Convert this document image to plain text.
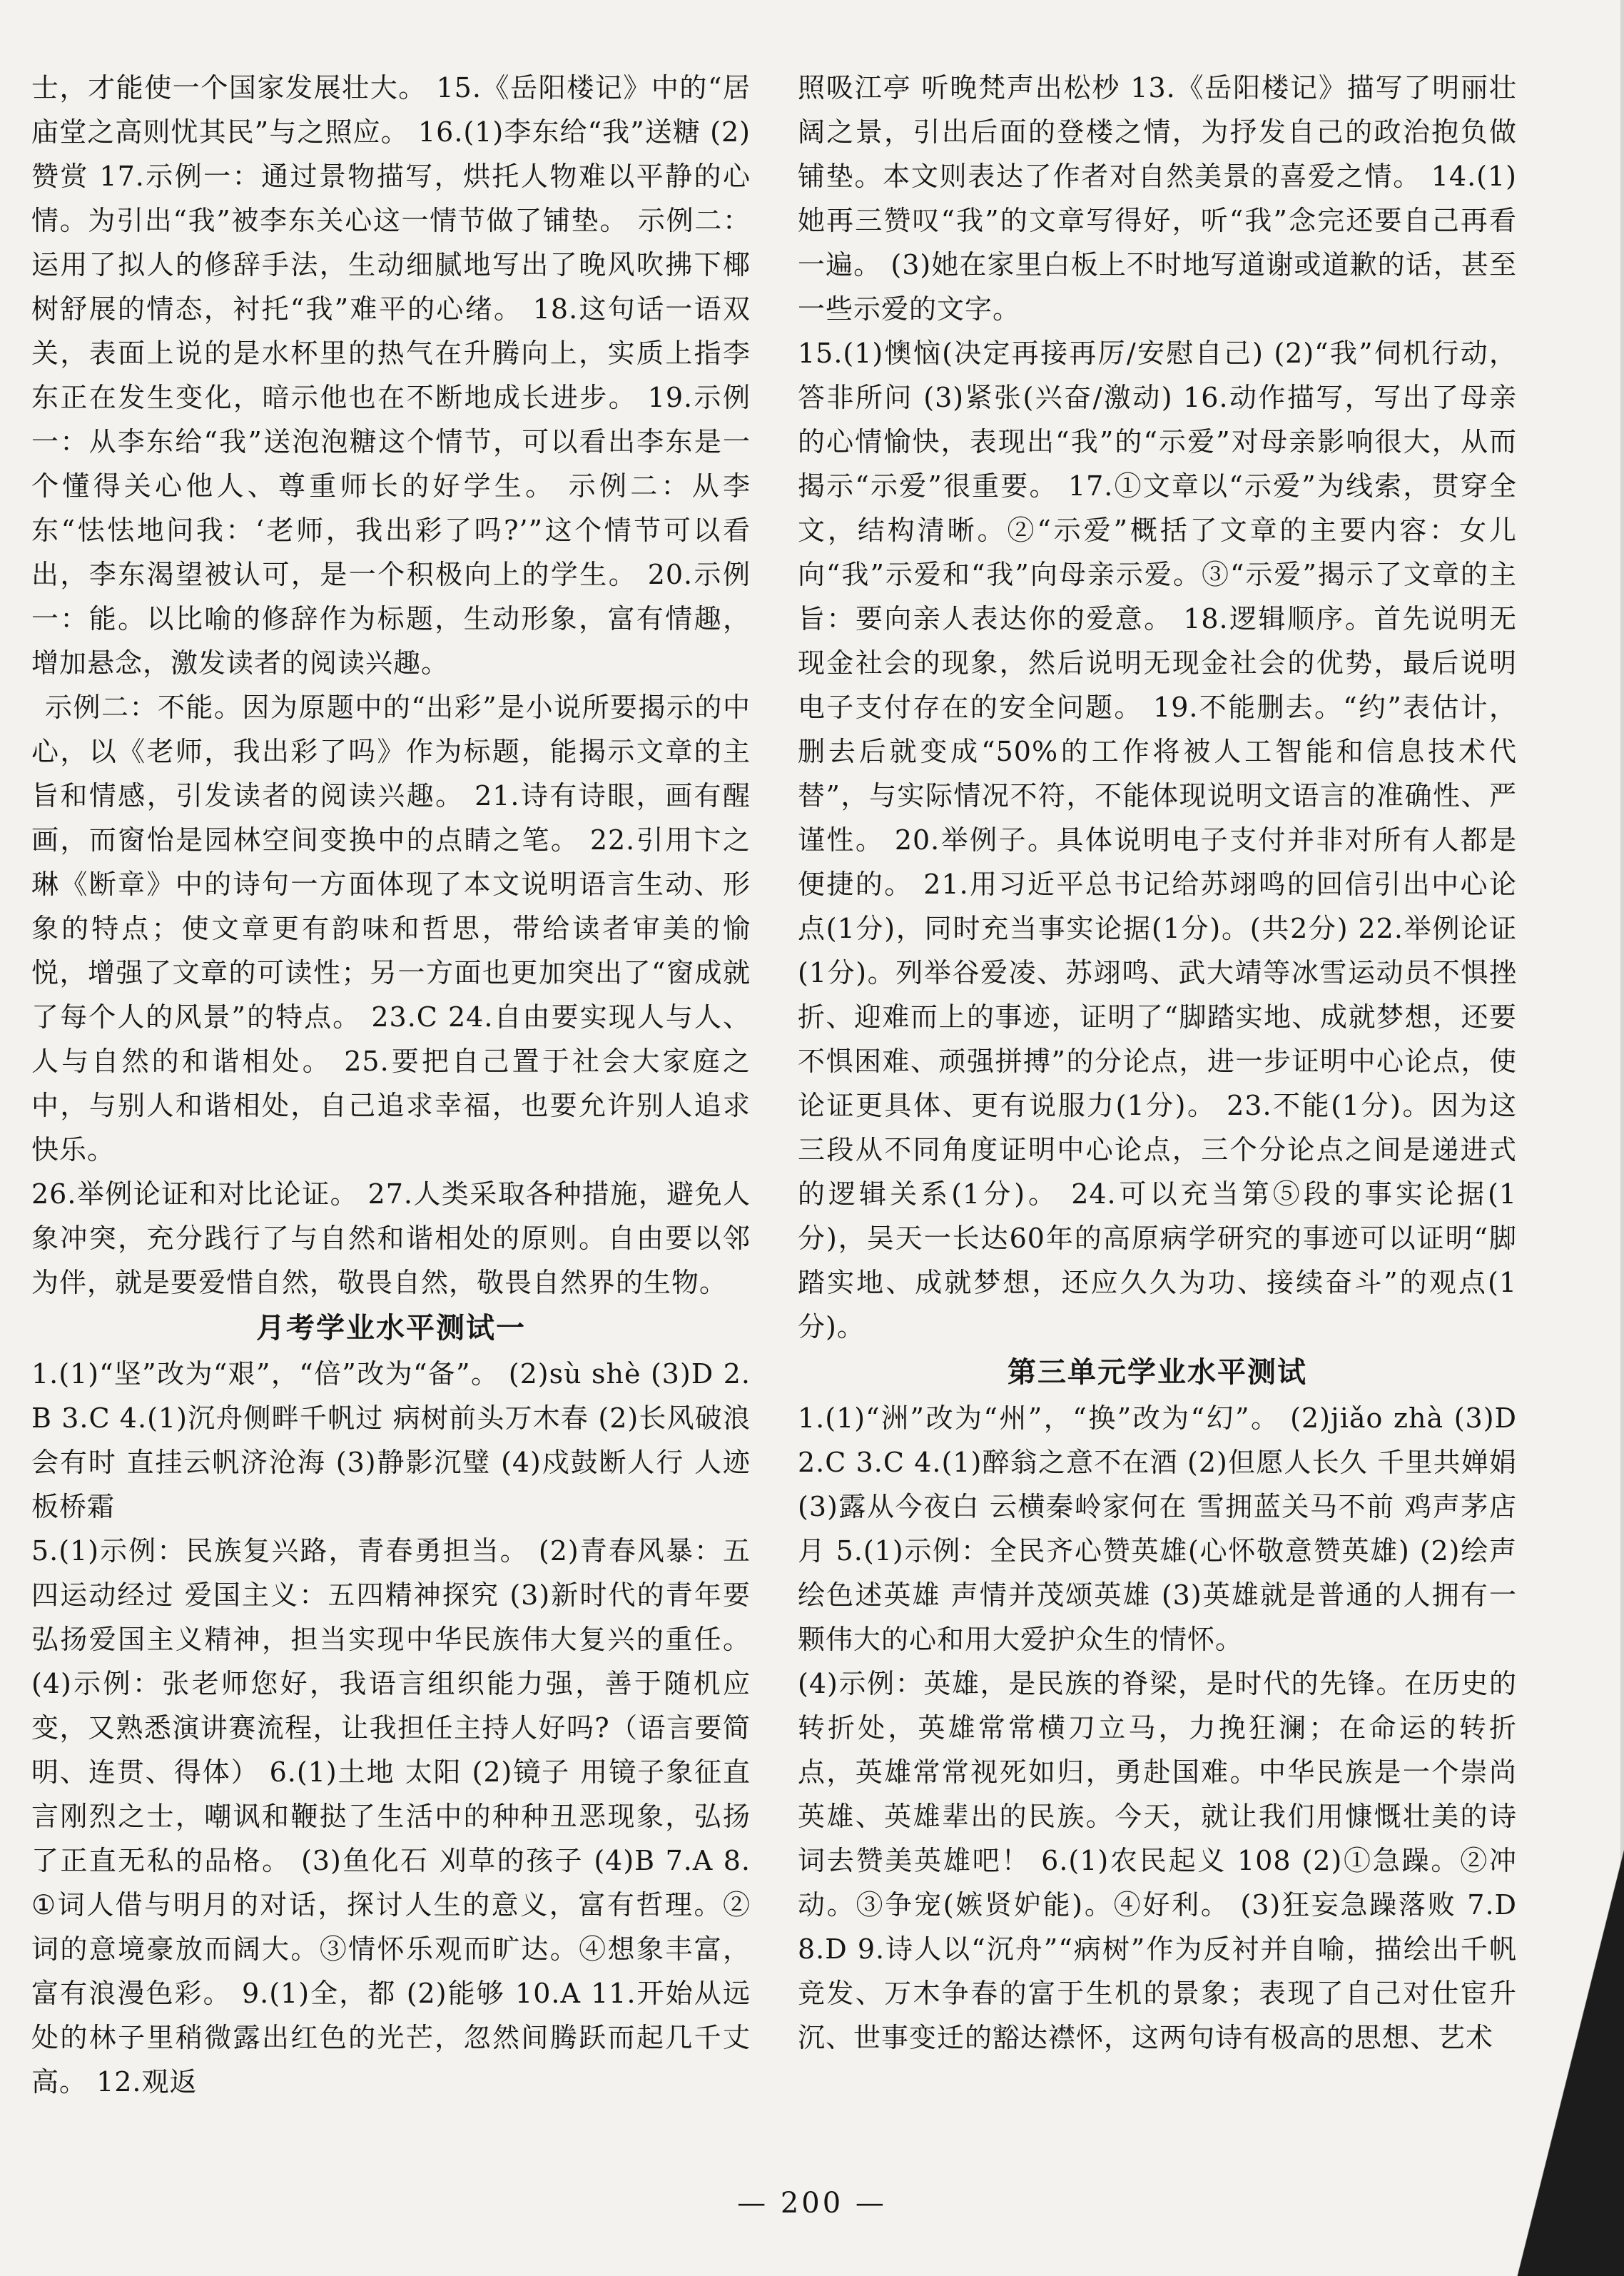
士，才能使一个国家发展壮大。 15.《岳阳楼记》中的“居庙堂之高则忧其民”与之照应。 16.(1)李东给“我”送糖 (2)赞赏 17.示例一：通过景物描写，烘托人物难以平静的心情。为引出“我”被李东关心这一情节做了铺垫。 示例二：运用了拟人的修辞手法，生动细腻地写出了晚风吹拂下椰树舒展的情态，衬托“我”难平的心绪。 18.这句话一语双关，表面上说的是水杯里的热气在升腾向上，实质上指李东正在发生变化，暗示他也在不断地成长进步。 19.示例一：从李东给“我”送泡泡糖这个情节，可以看出李东是一个懂得关心他人、尊重师长的好学生。 示例二：从李东“怯怯地问我：‘老师，我出彩了吗?’”这个情节可以看出，李东渴望被认可，是一个积极向上的学生。 20.示例一：能。以比喻的修辞作为标题，生动形象，富有情趣，增加悬念，激发读者的阅读兴趣。

示例二：不能。因为原题中的“出彩”是小说所要揭示的中心，以《老师，我出彩了吗》作为标题，能揭示文章的主旨和情感，引发读者的阅读兴趣。 21.诗有诗眼，画有醒画，而窗怡是园林空间变换中的点睛之笔。 22.引用卞之琳《断章》中的诗句一方面体现了本文说明语言生动、形象的特点；使文章更有韵味和哲思，带给读者审美的愉悦，增强了文章的可读性；另一方面也更加突出了“窗成就了每个人的风景”的特点。 23.C 24.自由要实现人与人、人与自然的和谐相处。 25.要把自己置于社会大家庭之中，与别人和谐相处，自己追求幸福，也要允许别人追求快乐。

26.举例论证和对比论证。 27.人类采取各种措施，避免人象冲突，充分践行了与自然和谐相处的原则。自由要以邻为伴，就是要爱惜自然，敬畏自然，敬畏自然界的生物。

月考学业水平测试一

1.(1)“坚”改为“艰”，“倍”改为“备”。 (2)sù shè (3)D 2.B 3.C 4.(1)沉舟侧畔千帆过 病树前头万木春 (2)长风破浪会有时 直挂云帆济沧海 (3)静影沉璧 (4)戍鼓断人行 人迹板桥霜

5.(1)示例：民族复兴路，青春勇担当。 (2)青春风暴：五四运动经过 爱国主义：五四精神探究 (3)新时代的青年要弘扬爱国主义精神，担当实现中华民族伟大复兴的重任。 (4)示例：张老师您好，我语言组织能力强，善于随机应变，又熟悉演讲赛流程，让我担任主持人好吗?（语言要简明、连贯、得体） 6.(1)土地 太阳 (2)镜子 用镜子象征直言刚烈之士，嘲讽和鞭挞了生活中的种种丑恶现象，弘扬了正直无私的品格。 (3)鱼化石 刈草的孩子 (4)B 7.A 8.①词人借与明月的对话，探讨人生的意义，富有哲理。②词的意境豪放而阔大。③情怀乐观而旷达。④想象丰富，富有浪漫色彩。 9.(1)全，都 (2)能够 10.A 11.开始从远处的林子里稍微露出红色的光芒，忽然间腾跃而起几千丈高。 12.观返

照吸江亭 听晚梵声出松杪 13.《岳阳楼记》描写了明丽壮阔之景，引出后面的登楼之情，为抒发自己的政治抱负做铺垫。本文则表达了作者对自然美景的喜爱之情。 14.(1)她再三赞叹“我”的文章写得好，听“我”念完还要自己再看一遍。 (3)她在家里白板上不时地写道谢或道歉的话，甚至一些示爱的文字。

15.(1)懊恼(决定再接再厉/安慰自己) (2)“我”伺机行动，答非所问 (3)紧张(兴奋/激动) 16.动作描写，写出了母亲的心情愉快，表现出“我”的“示爱”对母亲影响很大，从而揭示“示爱”很重要。 17.①文章以“示爱”为线索，贯穿全文，结构清晰。②“示爱”概括了文章的主要内容：女儿向“我”示爱和“我”向母亲示爱。③“示爱”揭示了文章的主旨：要向亲人表达你的爱意。 18.逻辑顺序。首先说明无现金社会的现象，然后说明无现金社会的优势，最后说明电子支付存在的安全问题。 19.不能删去。“约”表估计，删去后就变成“50%的工作将被人工智能和信息技术代替”，与实际情况不符，不能体现说明文语言的准确性、严谨性。 20.举例子。具体说明电子支付并非对所有人都是便捷的。 21.用习近平总书记给苏翊鸣的回信引出中心论点(1分)，同时充当事实论据(1分)。(共2分) 22.举例论证(1分)。列举谷爱凌、苏翊鸣、武大靖等冰雪运动员不惧挫折、迎难而上的事迹，证明了“脚踏实地、成就梦想，还要不惧困难、顽强拼搏”的分论点，进一步证明中心论点，使论证更具体、更有说服力(1分)。 23.不能(1分)。因为这三段从不同角度证明中心论点，三个分论点之间是递进式的逻辑关系(1分)。 24.可以充当第⑤段的事实论据(1分)，吴天一长达60年的高原病学研究的事迹可以证明“脚踏实地、成就梦想，还应久久为功、接续奋斗”的观点(1分)。

第三单元学业水平测试

1.(1)“洲”改为“州”，“换”改为“幻”。 (2)jiǎo zhà (3)D 2.C 3.C 4.(1)醉翁之意不在酒 (2)但愿人长久 千里共婵娟 (3)露从今夜白 云横秦岭家何在 雪拥蓝关马不前 鸡声茅店月 5.(1)示例：全民齐心赞英雄(心怀敬意赞英雄) (2)绘声绘色述英雄 声情并茂颂英雄 (3)英雄就是普通的人拥有一颗伟大的心和用大爱护众生的情怀。

(4)示例：英雄，是民族的脊梁，是时代的先锋。在历史的转折处，英雄常常横刀立马，力挽狂澜；在命运的转折点，英雄常常视死如归，勇赴国难。中华民族是一个崇尚英雄、英雄辈出的民族。今天，就让我们用慷慨壮美的诗词去赞美英雄吧！ 6.(1)农民起义 108 (2)①急躁。②冲动。③争宠(嫉贤妒能)。④好利。 (3)狂妄急躁落败 7.D 8.D 9.诗人以“沉舟”“病树”作为反衬并自喻，描绘出千帆竞发、万木争春的富于生机的景象；表现了自己对仕宦升沉、世事变迁的豁达襟怀，这两句诗有极高的思想、艺术

— 200 —
